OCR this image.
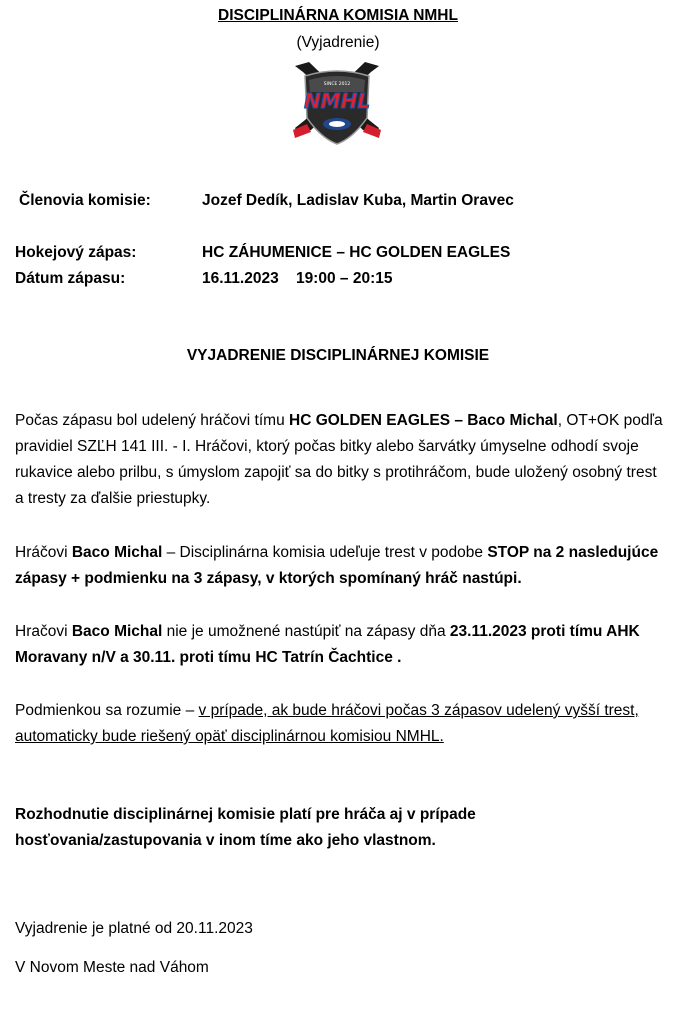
DISCIPLINÁRNA KOMISIA NMHL
(Vyjadrenie)
SINCE 2012
NMHL
Členovia komisie:	Jozef Dedík, Ladislav Kuba, Martin Oravec
Hokejový zápas:	HC ZÁHUMENICE – HC GOLDEN EAGLES
Dátum zápasu:	16.11.2023    19:00 – 20:15
VYJADRENIE DISCIPLINÁRNEJ KOMISIE
Počas zápasu bol udelený hráčovi tímu HC GOLDEN EAGLES – Baco Michal, OT+OK podľa pravidiel SZĽH 141 III. - I. Hráčovi, ktorý počas bitky alebo šarvátky úmyselne odhodí svoje rukavice alebo prilbu, s úmyslom zapojiť sa do bitky s protihráčom, bude uložený osobný trest a tresty za ďalšie priestupky.
Hráčovi Baco Michal – Disciplinárna komisia udeľuje trest v podobe STOP na 2 nasledujúce zápasy + podmienku na 3 zápasy, v ktorých spomínaný hráč nastúpi.
Hračovi Baco Michal nie je umožnené nastúpiť na zápasy dňa 23.11.2023 proti tímu AHK Moravany n/V a 30.11. proti tímu HC Tatrín Čachtice .
Podmienkou sa rozumie – v prípade, ak bude hráčovi počas 3 zápasov udelený vyšší trest, automaticky bude riešený opäť disciplinárnou komisiou NMHL.
Rozhodnutie disciplinárnej komisie platí pre hráča aj v prípade hosťovania/zastupovania v inom tíme ako jeho vlastnom.
Vyjadrenie je platné od 20.11.2023
V Novom Meste nad Váhom
